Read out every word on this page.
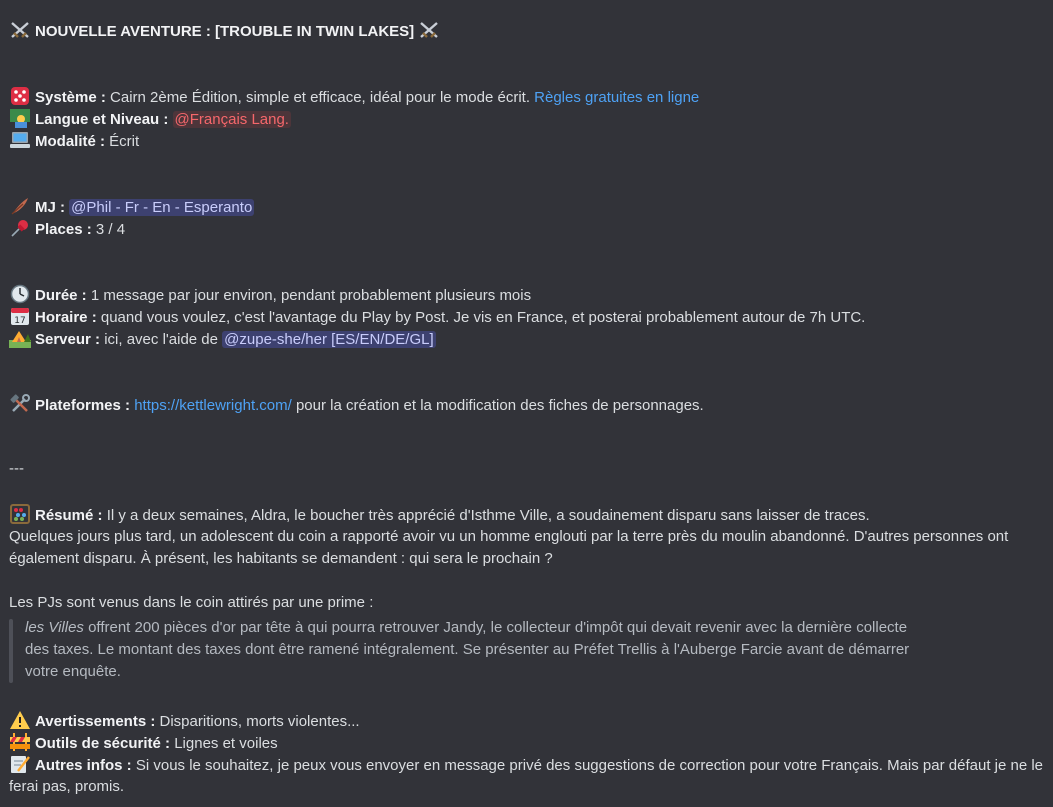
NOUVELLE AVENTURE : [TROUBLE IN TWIN LAKES]
Système : Cairn 2ème Édition, simple et efficace, idéal pour le mode écrit. Règles gratuites en ligne
Langue et Niveau : @Français Lang.
Modalité : Écrit
MJ : @Phil - Fr - En - Esperanto
Places : 3 / 4
Durée : 1 message par jour environ, pendant probablement plusieurs mois
17 Horaire : quand vous voulez, c'est l'avantage du Play by Post. Je vis en France, et posterai probablement autour de 7h UTC.
Serveur : ici, avec l'aide de @zupe-she/her [ES/EN/DE/GL]
Plateformes : https://kettlewright.com/ pour la création et la modification des fiches de personnages.
---
Résumé : Il y a deux semaines, Aldra, le boucher très apprécié d'Isthme Ville, a soudainement disparu sans laisser de traces.
Quelques jours plus tard, un adolescent du coin a rapporté avoir vu un homme englouti par la terre près du moulin abandonné. D'autres personnes ont
également disparu. À présent, les habitants se demandent : qui sera le prochain ?
Les PJs sont venus dans le coin attirés par une prime :
les Villes offrent 200 pièces d'or par tête à qui pourra retrouver Jandy, le collecteur d'impôt qui devait revenir avec la dernière collecte
des taxes. Le montant des taxes dont être ramené intégralement. Se présenter au Préfet Trellis à l'Auberge Farcie avant de démarrer
votre enquête.
Avertissements : Disparitions, morts violentes...
Outils de sécurité : Lignes et voiles
Autres infos : Si vous le souhaitez, je peux vous envoyer en message privé des suggestions de correction pour votre Français. Mais par défaut je ne le
ferai pas, promis.
